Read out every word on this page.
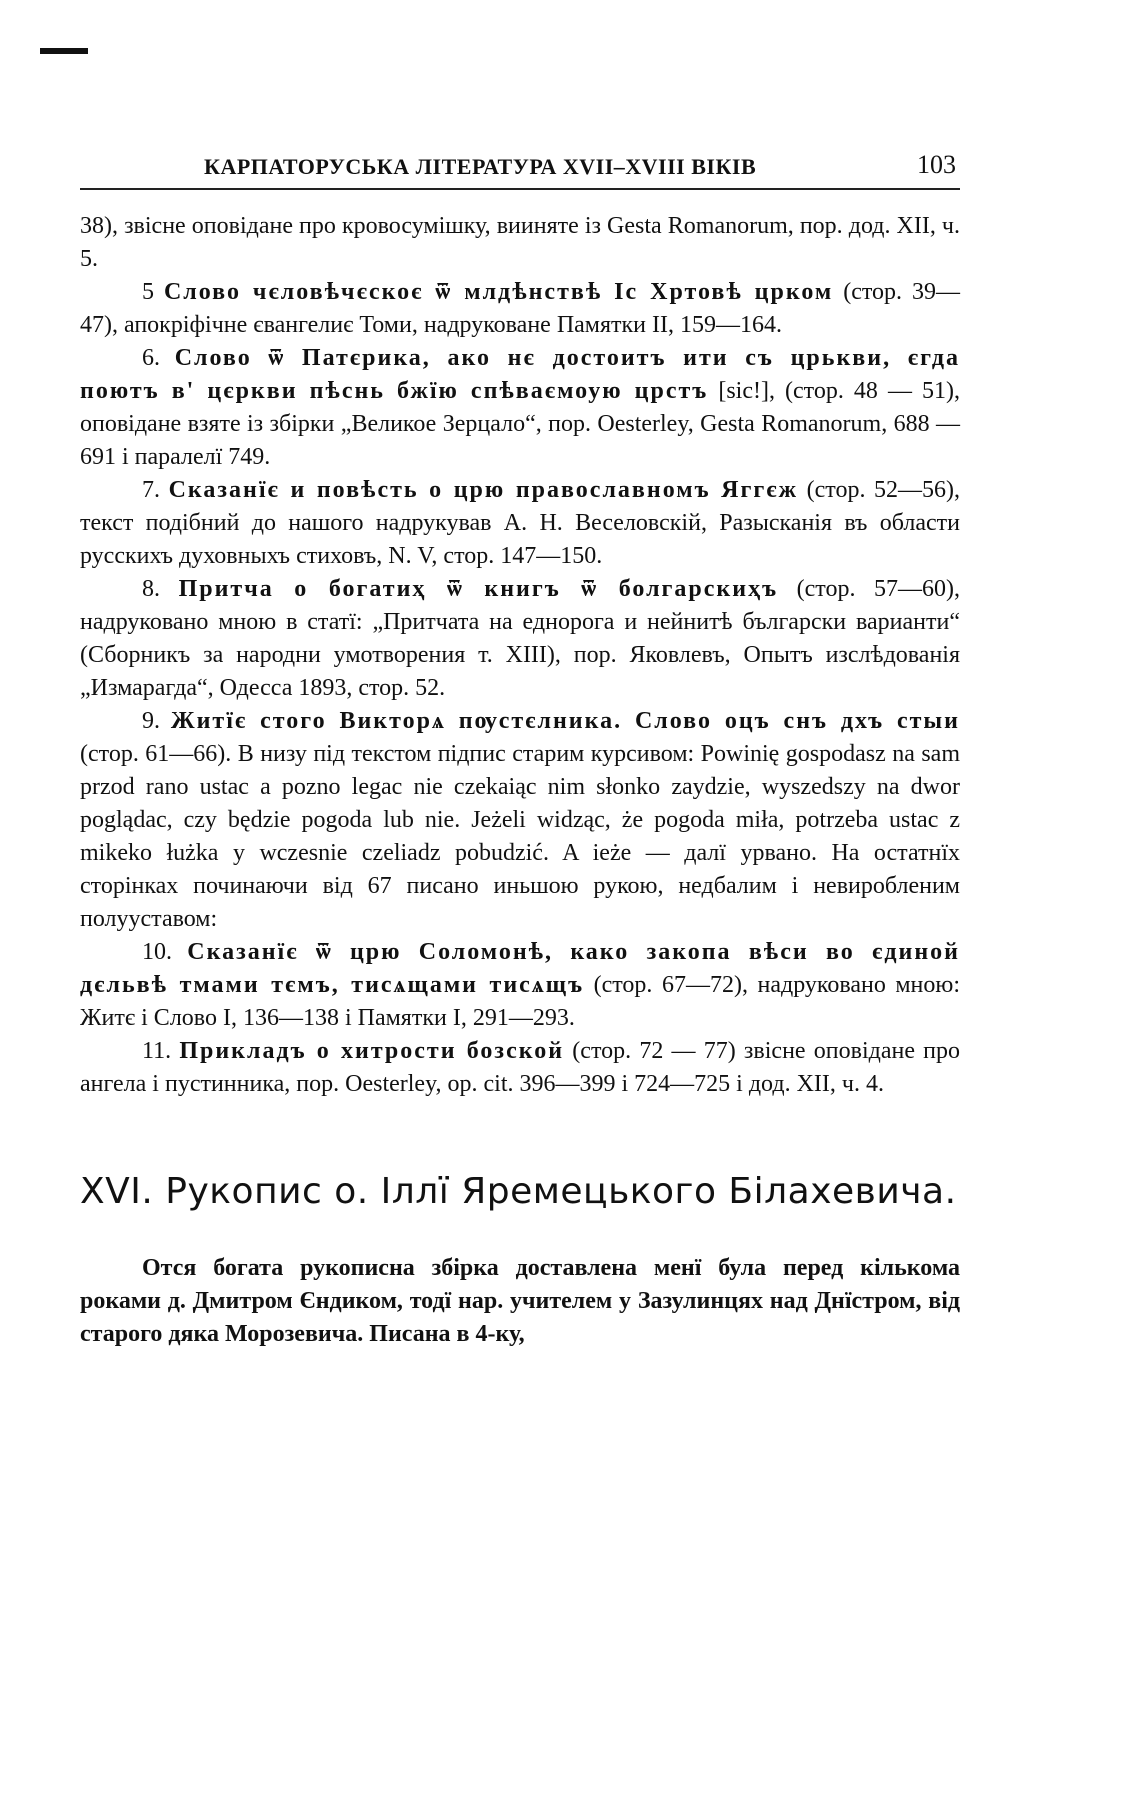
КАРПАТОРУСЬКА ЛІТЕРАТУРА XVII–XVIII ВІКІВ	103

38), звісне оповідане про кровосумішку, вииняте із Gesta Romanorum, пор. дод. XII, ч. 5.

5 Слово чєловѣчєскоє ѿ млдѣнствѣ Іс Хртовѣ црком (стор. 39—47), апокріфічне євангелиє Томи, надруковане Памятки II, 159—164.

6. Слово ѿ Патєрика, ако нє достоитъ ити съ црькви, єгда поютъ в' цєркви пѣснь бжїю спѣваємоую црстъ [sic!], (стор. 48 — 51), оповідане взяте із збірки „Великое Зерцало“, пор. Oesterley, Gesta Romanorum, 688 — 691 і паралелї 749.

7. Сказанїє и повѣсть о црю православномъ Яггєж (стор. 52—56), текст подібний до нашого надрукував А. Н. Веселовскій, Разысканія въ области русскихъ духовныхъ стиховъ, N. V, стор. 147—150.

8. Притча о богатиҳ ѿ книгъ ѿ болгарскиҳъ (стор. 57—60), надруковано мною в статї: „Притчата на еднорога и нейнитѣ български варианти“ (Сборникъ за народни умотворения т. XIII), пор. Яковлевъ, Опытъ изслѣдованія „Измарагда“, Одесса 1893, стор. 52.

9. Житїє стого Викторѧ пѹстєлника. Слово оцъ снъ дхъ стыи (стор. 61—66). В низу під текстом підпис старим курсивом: Powinię gospodasz na sam przod rano ustac a pozno legac nie czekaiąc nim słonko zaydzie, wyszedszy na dwor poglądac, czy będzie pogoda lub nie. Jeżeli widząc, że pogoda miła, potrzeba ustac z mikeko łużka y wczesnie czeliadz pobudzić. A ieże — далї урвано. На остатнїх сторінках починаючи від 67 писано иньшою рукою, недбалим і невиробленим полууставом:

10. Сказанїє ѿ црю Соломонѣ, како закопа вѣси во єдиной дєльвѣ тмами тємъ, тисѧщами тисѧщъ (стор. 67—72), надруковано мною: Житє і Слово I, 136—138 і Памятки I, 291—293.

11. Прикладъ о хитрости бозской (стор. 72 — 77) звісне оповідане про ангела і пустинника, пор. Oesterley, op. cit. 396—399 і 724—725 і дод. XII, ч. 4.

XVI. Рукопис о. Іллї Яремецького Білахевича.

Отся богата рукописна збірка доставлена менї була перед кількома роками д. Дмитром Єндиком, тодї нар. учителем у Зазулинцях над Днїстром, від старого дяка Морозевича. Писана в 4-ку,
